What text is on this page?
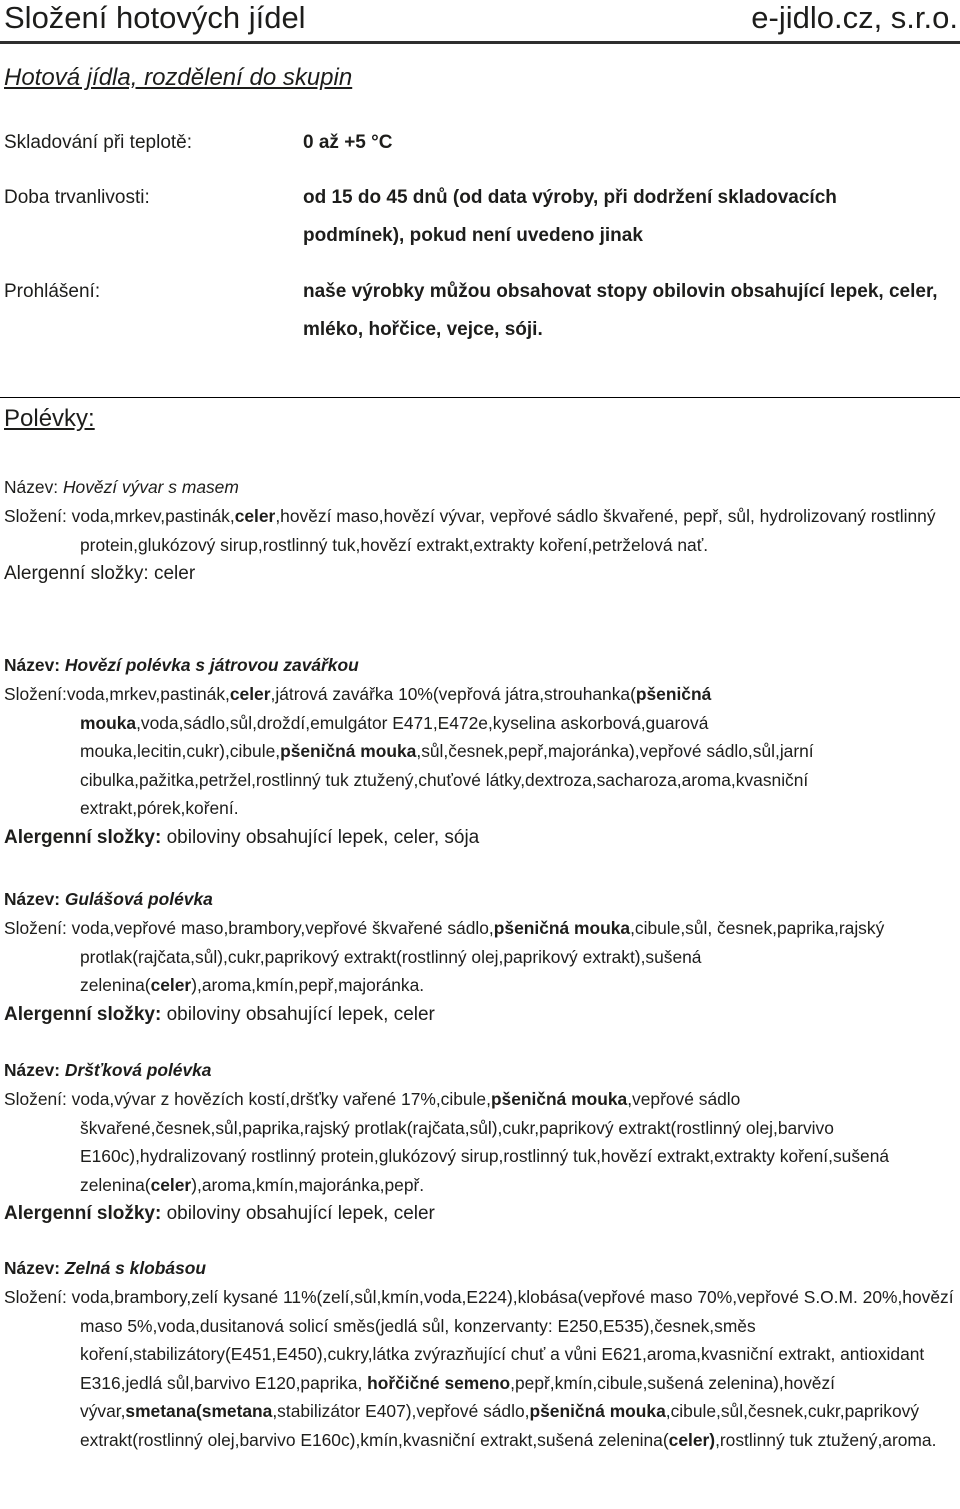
Složení hotových jídel	e-jidlo.cz, s.r.o.
Hotová jídla, rozdělení do skupin
Skladování při teplotě:	0 až +5 °C
Doba trvanlivosti:	od 15 do 45 dnů (od data výroby, při dodržení skladovacích podmínek), pokud není uvedeno jinak
Prohlášení:	naše výrobky můžou obsahovat stopy obilovin obsahující lepek, celer, mléko, hořčice, vejce, sóji.
Polévky:
Název: Hovězí vývar s masem
Složení: voda,mrkev,pastinák,celer,hovězí maso,hovězí vývar, vepřové sádlo škvařené, pepř, sůl, hydrolizovaný rostlinný protein,glukózový sirup,rostlinný tuk,hovězí extrakt,extrakty koření,petrželová nať.
Alergenní složky: celer
Název: Hovězí polévka s játrovou zavářkou
Složení:voda,mrkev,pastinák,celer,játrová zavářka 10%(vepřová játra,strouhanka(pšeničná mouka,voda,sádlo,sůl,droždí,emulgátor E471,E472e,kyselina askorbová,guarová mouka,lecitin,cukr),cibule,pšeničná mouka,sůl,česnek,pepř,majoránka),vepřové sádlo,sůl,jarní cibulka,pažitka,petržel,rostlinný tuk ztužený,chuťové látky,dextroza,sacharoza,aroma,kvasniční extrakt,pórek,koření.
Alergenní složky: obiloviny obsahující lepek, celer, sója
Název: Gulášová polévka
Složení: voda,vepřové maso,brambory,vepřové škvařené sádlo,pšeničná mouka,cibule,sůl, česnek,paprika,rajský protlak(rajčata,sůl),cukr,paprikový extrakt(rostlinný olej,paprikový extrakt),sušená zelenina(celer),aroma,kmín,pepř,majoránka.
Alergenní složky: obiloviny obsahující lepek, celer
Název: Dršťková polévka
Složení: voda,vývar z hovězích kostí,dršťky vařené 17%,cibule,pšeničná mouka,vepřové sádlo škvařené,česnek,sůl,paprika,rajský protlak(rajčata,sůl),cukr,paprikový extrakt(rostlinný olej,barvivo E160c),hydralizovaný rostlinný protein,glukózový sirup,rostlinný tuk,hovězí extrakt,extrakty koření,sušená zelenina(celer),aroma,kmín,majoránka,pepř.
Alergenní složky: obiloviny obsahující lepek, celer
Název: Zelná s klobásou
Složení: voda,brambory,zelí kysané 11%(zelí,sůl,kmín,voda,E224),klobása(vepřové maso 70%,vepřové S.O.M. 20%,hovězí maso 5%,voda,dusitanová solicí směs(jedlá sůl, konzervanty: E250,E535),česnek,směs koření,stabilizátory(E451,E450),cukry,látka zvýrazňující chuť a vůni E621,aroma,kvasniční extrakt, antioxidant E316,jedlá sůl,barvivo E120,paprika, hořčičné semeno,pepř,kmín,cibule,sušená zelenina),hovězí vývar,smetana(smetana,stabilizátor E407),vepřové sádlo,pšeničná mouka,cibule,sůl,česnek,cukr,paprikový extrakt(rostlinný olej,barvivo E160c),kmín,kvasniční extrakt,sušená zelenina(celer),rostlinný tuk ztužený,aroma.
